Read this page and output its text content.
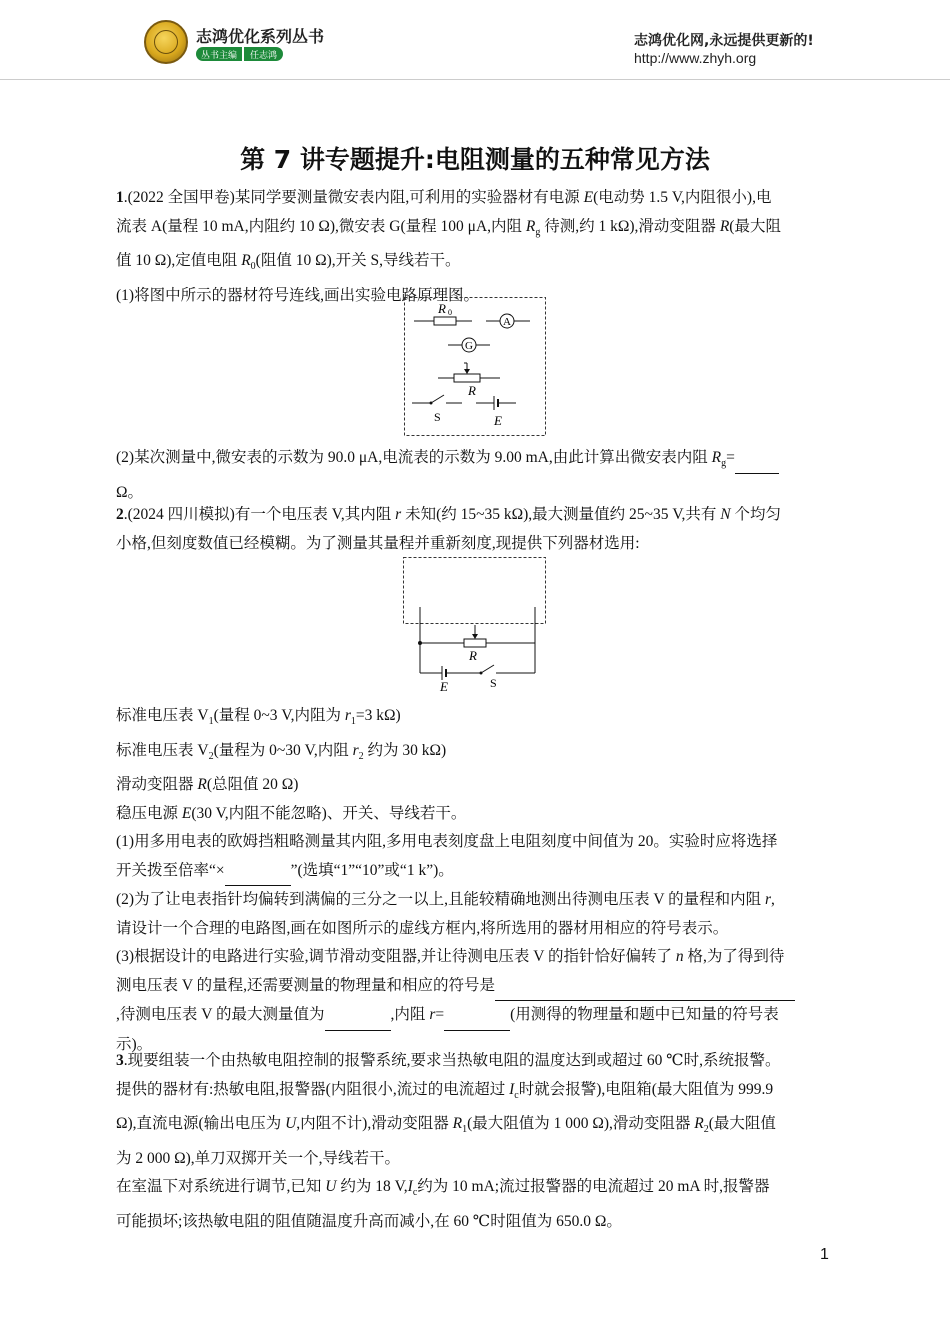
志鸿优化系列丛书
丛书主编	任志鸿
志鸿优化网,永远提供更新的!
http://www.zhyh.org
第 7 讲专题提升:电阻测量的五种常见方法
1.(2022 全国甲卷)某同学要测量微安表内阻,可利用的实验器材有电源 E(电动势 1.5 V,内阻很小),电
流表 A(量程 10 mA,内阻约 10 Ω),微安表 G(量程 100 μA,内阻 $R_g$ 待测,约 1 kΩ),滑动变阻器 R(最大阻
值 10 Ω),定值电阻 $R_0$(阻值 10 Ω),开关 S,导线若干。
(1)将图中所示的器材符号连线,画出实验电路原理图。
R 0
A
G
R
S	E
(2)某次测量中,微安表的示数为 90.0 μA,电流表的示数为 9.00 mA,由此计算出微安表内阻 $R_g=$
Ω。
2.(2024 四川模拟)有一个电压表 V,其内阻 r 未知(约 15~35 kΩ),最大测量值约 25~35 V,共有 N 个均匀
小格,但刻度数值已经模糊。为了测量其量程并重新刻度,现提供下列器材选用:
R
E	S
标准电压表 $V_1$(量程 0~3 V,内阻为 $r_1=3$ kΩ)
标准电压表 $V_2$(量程为 0~30 V,内阻 $r_2$ 约为 30 kΩ)
滑动变阻器 R(总阻值 20 Ω)
稳压电源 E(30 V,内阻不能忽略)、开关、导线若干。
(1)用多用电表的欧姆挡粗略测量其内阻,多用电表刻度盘上电阻刻度中间值为 20。实验时应将选择
开关拨至倍率“×	”(选填“1”“10”或“1 k”)。
(2)为了让电表指针均偏转到满偏的三分之一以上,且能较精确地测出待测电压表 V 的量程和内阻 r,
请设计一个合理的电路图,画在如图所示的虚线方框内,将所选用的器材用相应的符号表示。
(3)根据设计的电路进行实验,调节滑动变阻器,并让待测电压表 V 的指针恰好偏转了 n 格,为了得到待
测电压表 V 的量程,还需要测量的物理量和相应的符号是
,待测电压表 V 的最大测量值为	,内阻 r=	(用测得的物理量和题中已知量的符号表
示)。
3.现要组装一个由热敏电阻控制的报警系统,要求当热敏电阻的温度达到或超过 60 ℃时,系统报警。
提供的器材有:热敏电阻,报警器(内阻很小,流过的电流超过 $I_c$时就会报警),电阻箱(最大阻值为 999.9
Ω),直流电源(输出电压为 U,内阻不计),滑动变阻器 $R_1$(最大阻值为 1 000 Ω),滑动变阻器 $R_2$(最大阻值
为 2 000 Ω),单刀双掷开关一个,导线若干。
在室温下对系统进行调节,已知 U 约为 18 $V,I_c$约为 10 mA;流过报警器的电流超过 20 mA 时,报警器
可能损坏;该热敏电阻的阻值随温度升高而减小,在 60 ℃时阻值为 650.0 Ω。
1
